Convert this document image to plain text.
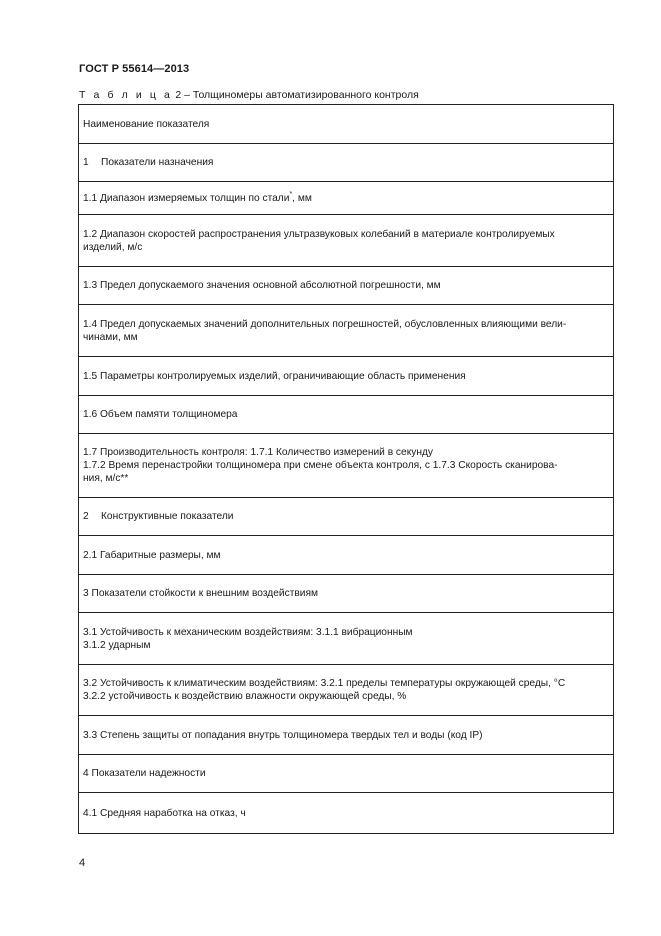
ГОСТ Р 55614—2013
Т а б л и ц а 2 – Толщиномеры автоматизированного контроля
Наименование показателя
1 Показатели назначения
1.1 Диапазон измеряемых толщин по стали*, мм
1.2 Диапазон скоростей распространения ультразвуковых колебаний в материале контролируемых
изделий, м/с
1.3 Предел допускаемого значения основной абсолютной погрешности, мм
1.4 Предел допускаемых значений дополнительных погрешностей, обусловленных влияющими вели-
чинами, мм
1.5 Параметры контролируемых изделий, ограничивающие область применения
1.6 Объем памяти толщиномера
1.7 Производительность контроля: 1.7.1 Количество измерений в секунду
1.7.2 Время перенастройки толщиномера при смене объекта контроля, с 1.7.3 Скорость сканирова-
ния, м/с**
2 Конструктивные показатели
2.1 Габаритные размеры, мм
3 Показатели стойкости к внешним воздействиям
3.1 Устойчивость к механическим воздействиям: 3.1.1 вибрационным
3.1.2 ударным
3.2 Устойчивость к климатическим воздействиям: 3.2.1 пределы температуры окружающей среды, °C
3.2.2 устойчивость к воздействию влажности окружающей среды, %
3.3 Степень защиты от попадания внутрь толщиномера твердых тел и воды (код IP)
4 Показатели надежности
4.1 Средняя наработка на отказ, ч
4
